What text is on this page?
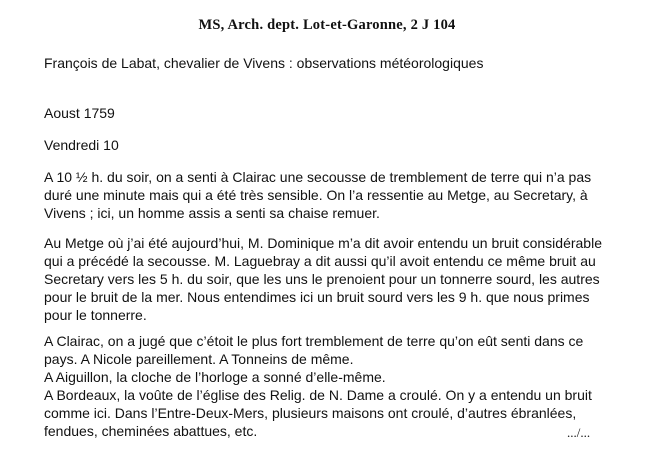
MS, Arch. dept. Lot-et-Garonne, 2 J 104
François de Labat, chevalier de Vivens : observations météorologiques
Aoust 1759
Vendredi 10
A 10 ½ h. du soir, on a senti à Clairac une secousse de tremblement de terre qui n’a pas
duré une minute mais qui a été très sensible. On l’a ressentie au Metge, au Secretary, à
Vivens ; ici, un homme assis a senti sa chaise remuer.
Au Metge où j’ai été aujourd’hui, M. Dominique m’a dit avoir entendu un bruit considérable
qui a précédé la secousse. M. Laguebray a dit aussi qu’il avoit entendu ce même bruit au
Secretary vers les 5 h. du soir, que les uns le prenoient pour un tonnerre sourd, les autres
pour le bruit de la mer. Nous entendimes ici un bruit sourd vers les 9 h. que nous primes
pour le tonnerre.
A Clairac, on a jugé que c’étoit le plus fort tremblement de terre qu’on eût senti dans ce
pays. A Nicole pareillement. A Tonneins de même.
A Aiguillon, la cloche de l’horloge a sonné d’elle-même.
A Bordeaux, la voûte de l’église des Relig. de N. Dame a croulé. On y a entendu un bruit
comme ici. Dans l’Entre-Deux-Mers, plusieurs maisons ont croulé, d’autres ébranlées,
fendues, cheminées abattues, etc.	.../...
